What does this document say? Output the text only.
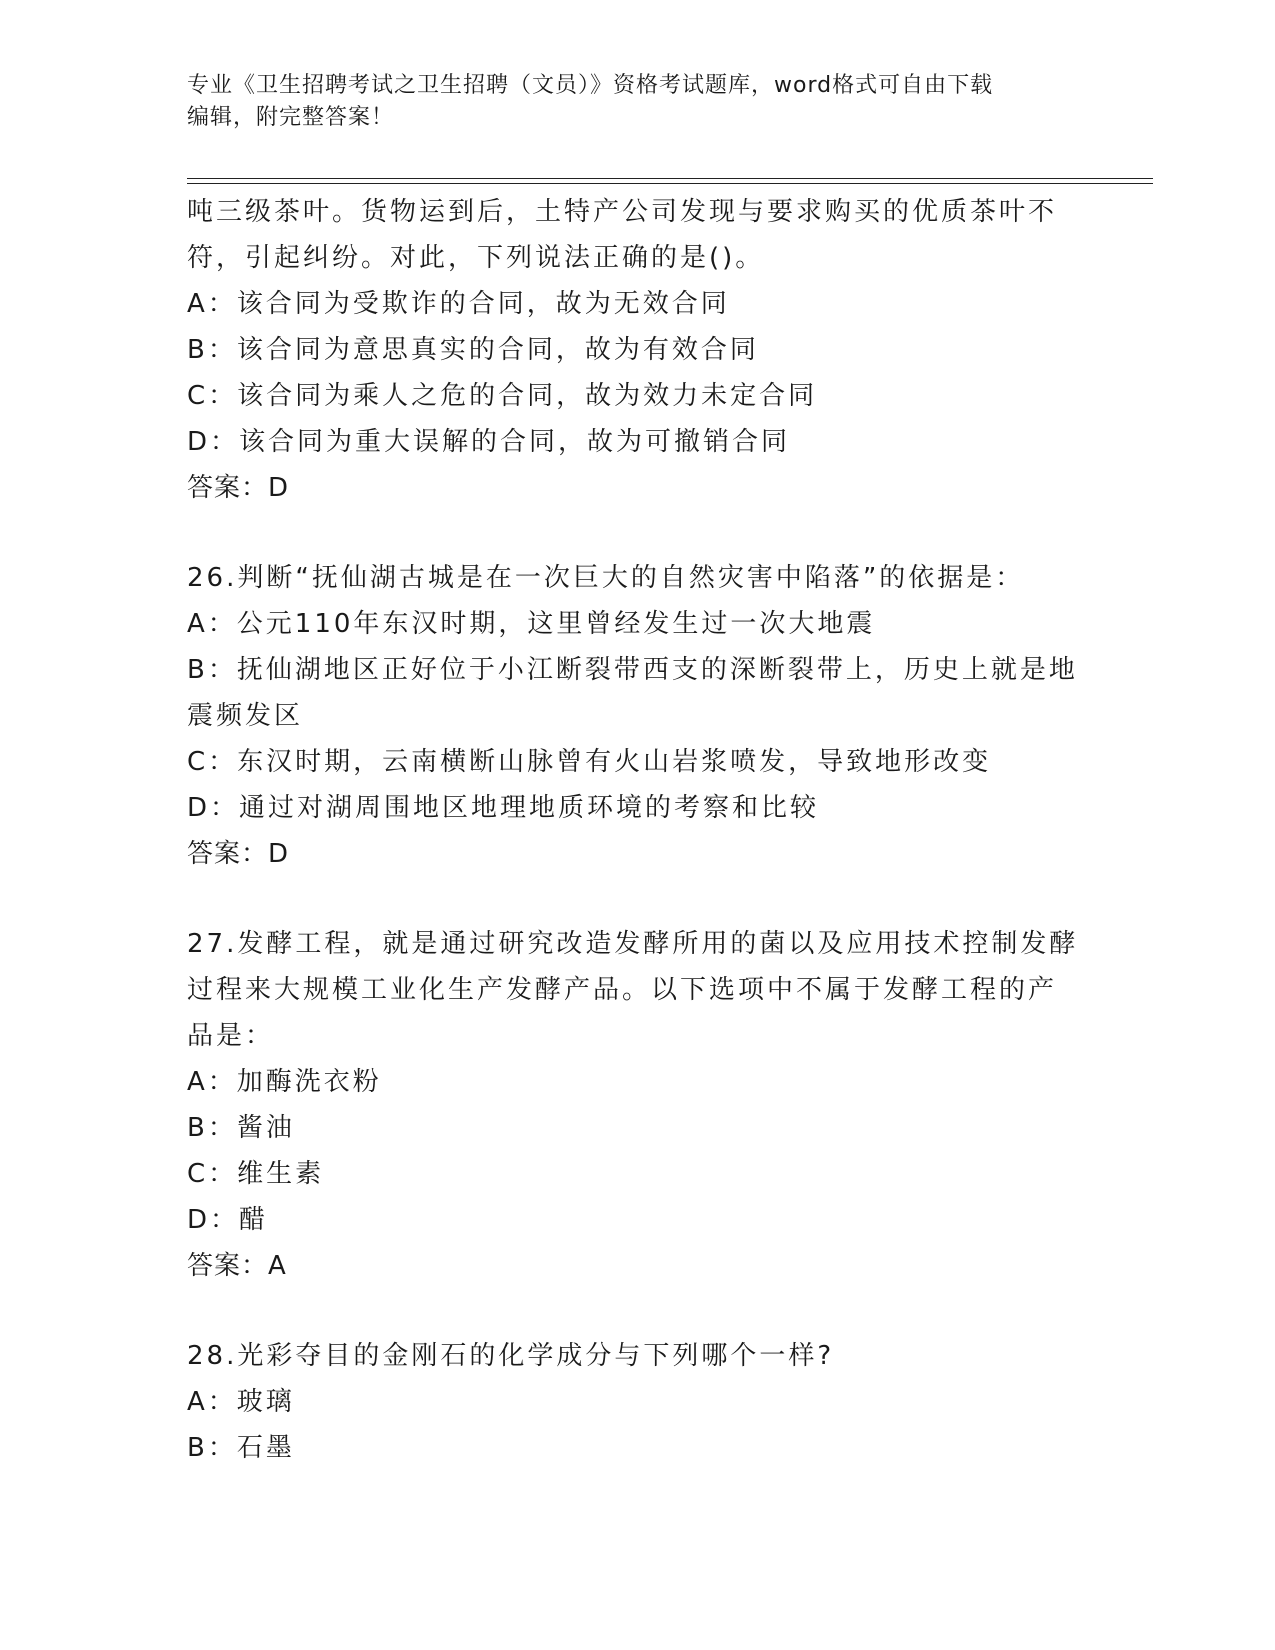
专业《卫生招聘考试之卫生招聘（文员）》资格考试题库，word格式可自由下载
编辑，附完整答案！
吨三级茶叶。货物运到后，土特产公司发现与要求购买的优质茶叶不
符，引起纠纷。对此，下列说法正确的是()。
A：该合同为受欺诈的合同，故为无效合同
B：该合同为意思真实的合同，故为有效合同
C：该合同为乘人之危的合同，故为效力未定合同
D：该合同为重大误解的合同，故为可撤销合同
答案：D
26.判断“抚仙湖古城是在一次巨大的自然灾害中陷落”的依据是：
A：公元110年东汉时期，这里曾经发生过一次大地震
B：抚仙湖地区正好位于小江断裂带西支的深断裂带上，历史上就是地
震频发区
C：东汉时期，云南横断山脉曾有火山岩浆喷发，导致地形改变
D：通过对湖周围地区地理地质环境的考察和比较
答案：D
27.发酵工程，就是通过研究改造发酵所用的菌以及应用技术控制发酵
过程来大规模工业化生产发酵产品。以下选项中不属于发酵工程的产
品是：
A：加酶洗衣粉
B：酱油
C：维生素
D：醋
答案：A
28.光彩夺目的金刚石的化学成分与下列哪个一样?
A：玻璃
B：石墨
